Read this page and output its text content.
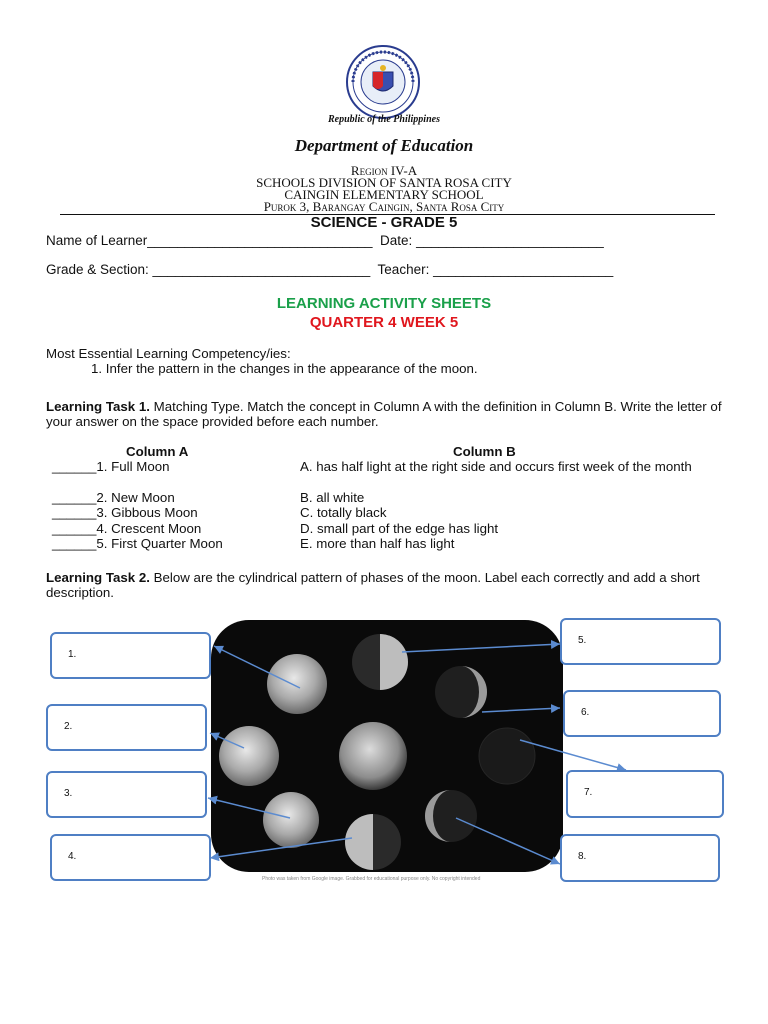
Republic of the Philippines
Department of Education
Region IV-A
SCHOOLS DIVISION OF SANTA ROSA CITY
CAINGIN ELEMENTARY SCHOOL
Purok 3, Barangay Caingin, Santa Rosa City
SCIENCE - GRADE 5
Name of Learner______________________________  Date: _________________________
Grade & Section: _____________________________  Teacher: ________________________
LEARNING ACTIVITY SHEETS
QUARTER 4 WEEK 5
Most Essential Learning Competency/ies:
1. Infer the pattern in the changes in the appearance of the moon.
Learning Task 1. Matching Type. Match the concept in Column A with the definition in Column B. Write the letter of your answer on the space provided before each number.
Column A	Column B
______1. Full Moon
______2. New Moon
______3. Gibbous Moon
______4. Crescent Moon
______5. First Quarter Moon
A. has half light at the right side and occurs first week of the month
B. all white
C. totally black
D. small part of the edge has light
E. more than half has light
Learning Task 2. Below are the cylindrical pattern of phases of the moon. Label each correctly and add a short description.
Photo was taken from Google image. Grabbed for educational purpose only. No copyright intended
1.
2.
3.
4.
5.
6.
7.
8.
